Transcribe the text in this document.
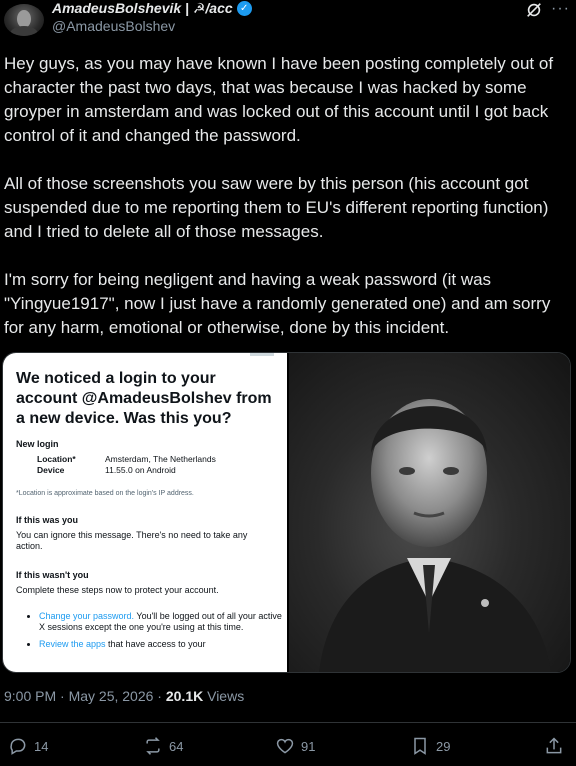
AmadeusBolshevik | ☭/acc ✓
@AmadeusBolshev
···

Hey guys, as you may have known I have been posting completely out of character the past two days, that was because I was hacked by some groyper in amsterdam and was locked out of this account until I got back control of it and changed the password.

All of those screenshots you saw were by this person (his account got suspended due to me reporting them to EU's different reporting function) and I tried to delete all of those messages.

I'm sorry for being negligent and having a weak password (it was "Yingyue1917", now I just have a randomly generated one) and am sorry for any harm, emotional or otherwise, done by this incident.

We noticed a login to your account @AmadeusBolshev from a new device. Was this you?
New login
Location*	Amsterdam, The Netherlands
Device	11.55.0 on Android
*Location is approximate based on the login's IP address.
If this was you
You can ignore this message. There's no need to take any action.
If this wasn't you
Complete these steps now to protect your account.
• Change your password. You'll be logged out of all your active X sessions except the one you're using at this time.
• Review the apps that have access to your
9:00 PM · May 25, 2026 · 20.1K Views
14	64	91	29
